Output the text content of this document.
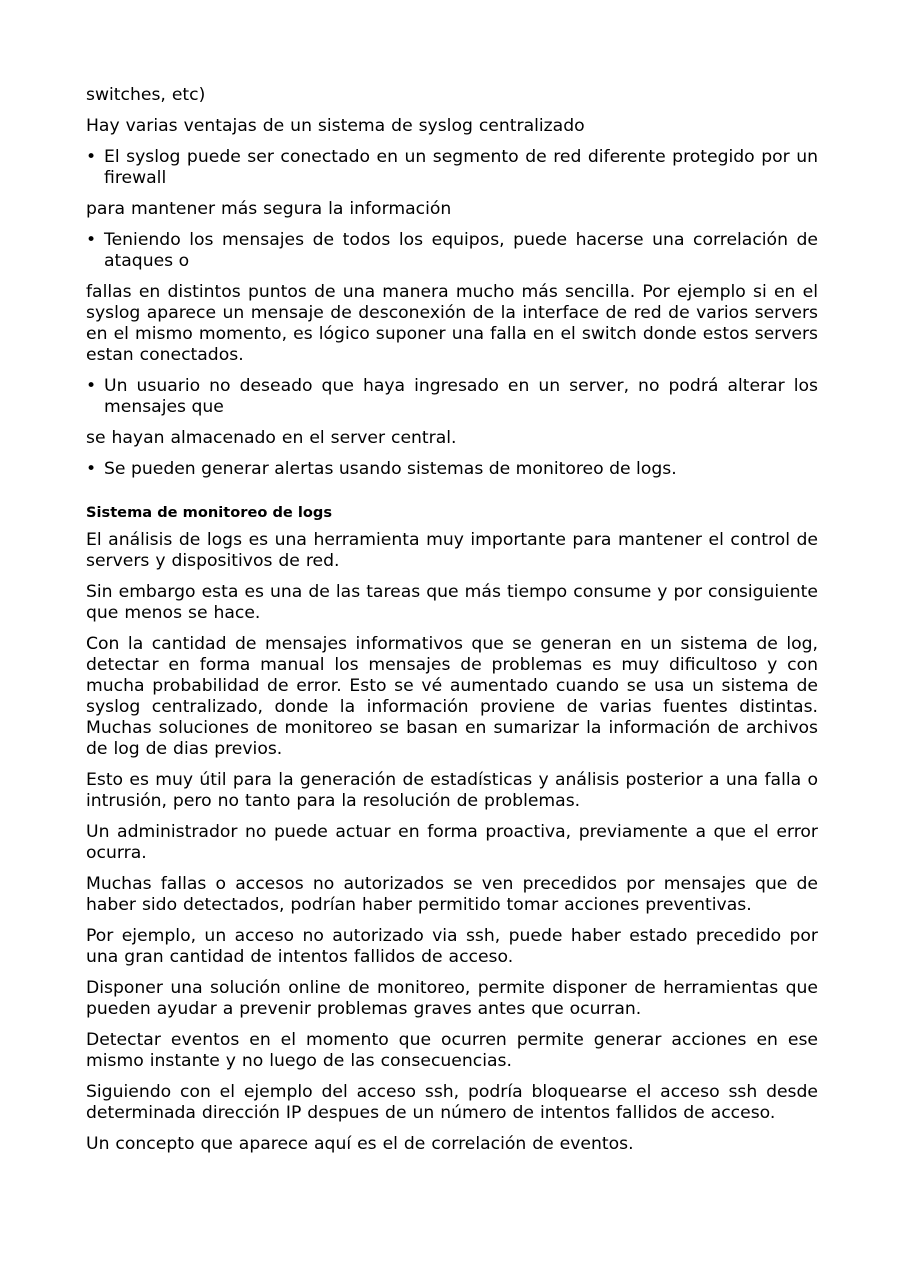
switches, etc)

Hay varias ventajas de un sistema de syslog centralizado

• El syslog puede ser conectado en un segmento de red diferente protegido por un firewall

para mantener más segura la información

• Teniendo los mensajes de todos los equipos, puede hacerse una correlación de ataques o

fallas en distintos puntos de una manera mucho más sencilla. Por ejemplo si en el syslog aparece un mensaje de desconexión de la interface de red de varios servers en el mismo momento, es lógico suponer una falla en el switch donde estos servers estan conectados.

• Un usuario no deseado que haya ingresado en un server, no podrá alterar los mensajes que

se hayan almacenado en el server central.

• Se pueden generar alertas usando sistemas de monitoreo de logs.
Sistema de monitoreo de logs

El análisis de logs es una herramienta muy importante para mantener el control de servers y dispositivos de red.

Sin embargo esta es una de las tareas que más tiempo consume y por consiguiente que menos se hace.

Con la cantidad de mensajes informativos que se generan en un sistema de log, detectar en forma manual los mensajes de problemas es muy dificultoso y con mucha probabilidad de error. Esto se vé aumentado cuando se usa un sistema de syslog centralizado, donde la información proviene de varias fuentes distintas. Muchas soluciones de monitoreo se basan en sumarizar la información de archivos de log de dias previos.

Esto es muy útil para la generación de estadísticas y análisis posterior a una falla o intrusión, pero no tanto para la resolución de problemas.

Un administrador no puede actuar en forma proactiva, previamente a que el error ocurra.

Muchas fallas o accesos no autorizados se ven precedidos por mensajes que de haber sido detectados, podrían haber permitido tomar acciones preventivas.

Por ejemplo, un acceso no autorizado via ssh, puede haber estado precedido por una gran cantidad de intentos fallidos de acceso.

Disponer una solución online de monitoreo, permite disponer de herramientas que pueden ayudar a prevenir problemas graves antes que ocurran.

Detectar eventos en el momento que ocurren permite generar acciones en ese mismo instante y no luego de las consecuencias.

Siguiendo con el ejemplo del acceso ssh, podría bloquearse el acceso ssh desde determinada dirección IP despues de un número de intentos fallidos de acceso.

Un concepto que aparece aquí es el de correlación de eventos.
